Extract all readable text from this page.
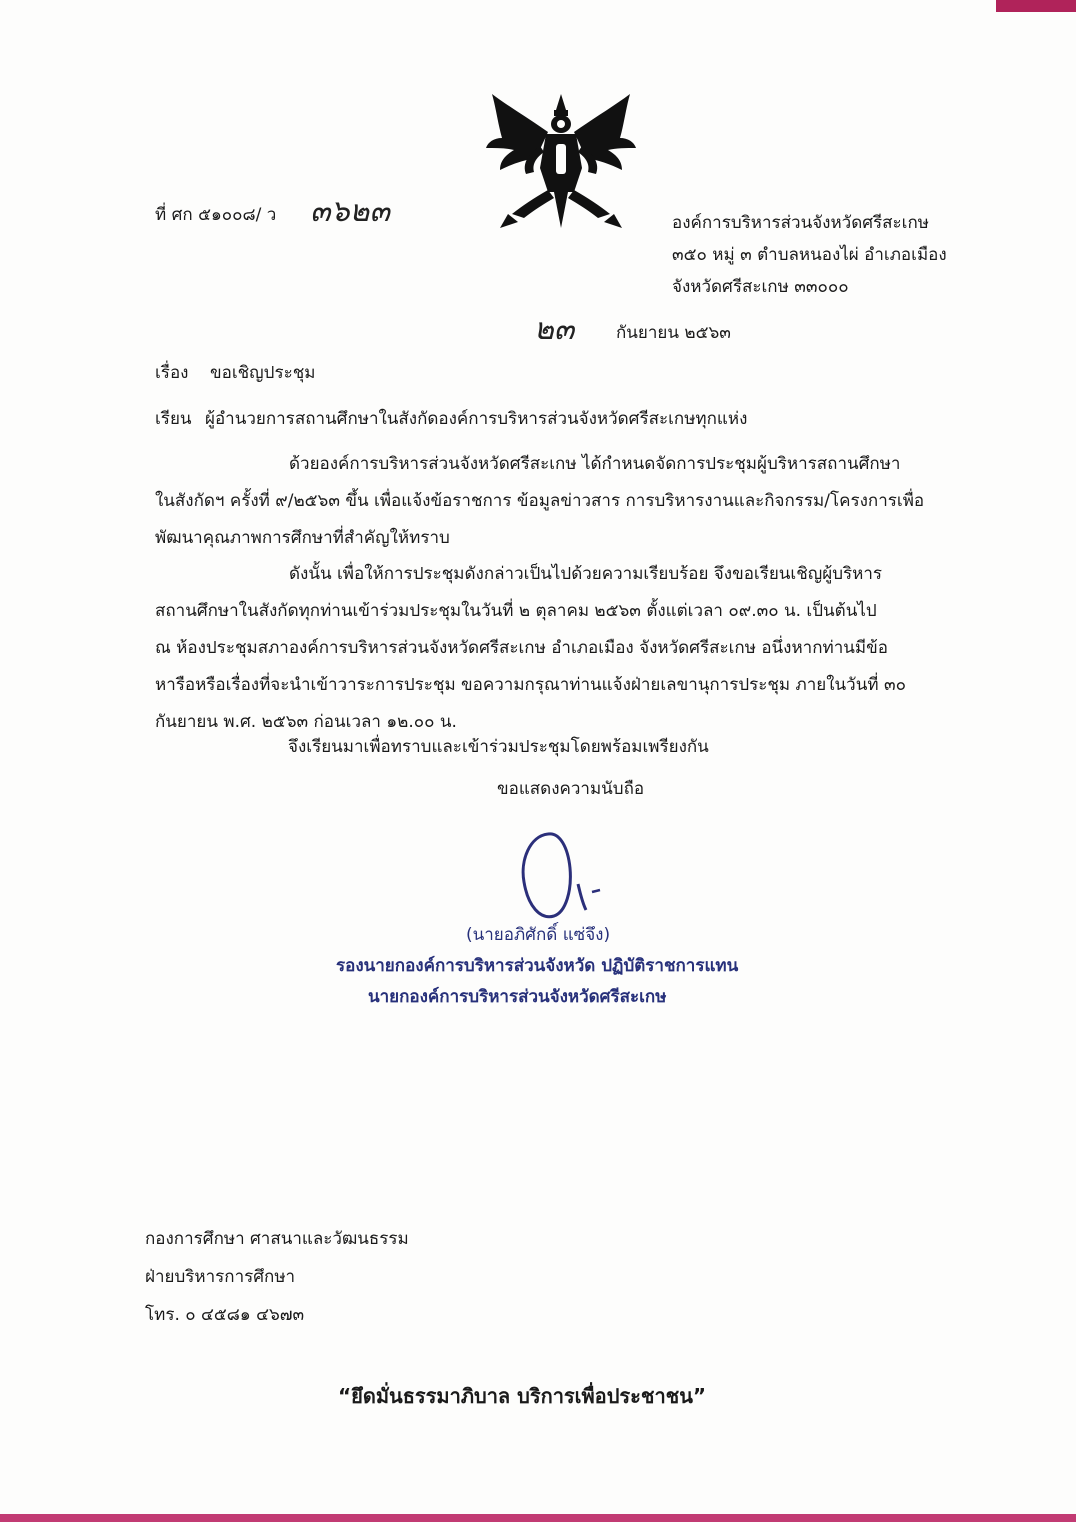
ที่ ศก ๕๑๐๐๘/ ว ๓๖๒๓	องค์การบริหารส่วนจังหวัดศรีสะเกษ
๓๕๐ หมู่ ๓ ตำบลหนองไผ่ อำเภอเมือง
จังหวัดศรีสะเกษ ๓๓๐๐๐
๒๓ กันยายน ๒๕๖๓
เรื่อง ขอเชิญประชุม
เรียน ผู้อำนวยการสถานศึกษาในสังกัดองค์การบริหารส่วนจังหวัดศรีสะเกษทุกแห่ง
ด้วยองค์การบริหารส่วนจังหวัดศรีสะเกษ ได้กำหนดจัดการประชุมผู้บริหารสถานศึกษา
ในสังกัดฯ ครั้งที่ ๙/๒๕๖๓ ขึ้น เพื่อแจ้งข้อราชการ ข้อมูลข่าวสาร การบริหารงานและกิจกรรม/โครงการเพื่อ
พัฒนาคุณภาพการศึกษาที่สำคัญให้ทราบ
ดังนั้น เพื่อให้การประชุมดังกล่าวเป็นไปด้วยความเรียบร้อย จึงขอเรียนเชิญผู้บริหาร
สถานศึกษาในสังกัดทุกท่านเข้าร่วมประชุมในวันที่ ๒ ตุลาคม ๒๕๖๓ ตั้งแต่เวลา ๐๙.๓๐ น. เป็นต้นไป
ณ ห้องประชุมสภาองค์การบริหารส่วนจังหวัดศรีสะเกษ อำเภอเมือง จังหวัดศรีสะเกษ อนึ่งหากท่านมีข้อ
หารือหรือเรื่องที่จะนำเข้าวาระการประชุม ขอความกรุณาท่านแจ้งฝ่ายเลขานุการประชุม ภายในวันที่ ๓๐
กันยายน พ.ศ. ๒๕๖๓ ก่อนเวลา ๑๒.๐๐ น.
จึงเรียนมาเพื่อทราบและเข้าร่วมประชุมโดยพร้อมเพรียงกัน
ขอแสดงความนับถือ
(นายอภิศักดิ์ แซ่จึง)
รองนายกองค์การบริหารส่วนจังหวัด ปฏิบัติราชการแทน
นายกองค์การบริหารส่วนจังหวัดศรีสะเกษ
กองการศึกษา ศาสนาและวัฒนธรรม
ฝ่ายบริหารการศึกษา
โทร. ๐ ๔๕๘๑ ๔๖๗๓
“ยึดมั่นธรรมาภิบาล บริการเพื่อประชาชน”
